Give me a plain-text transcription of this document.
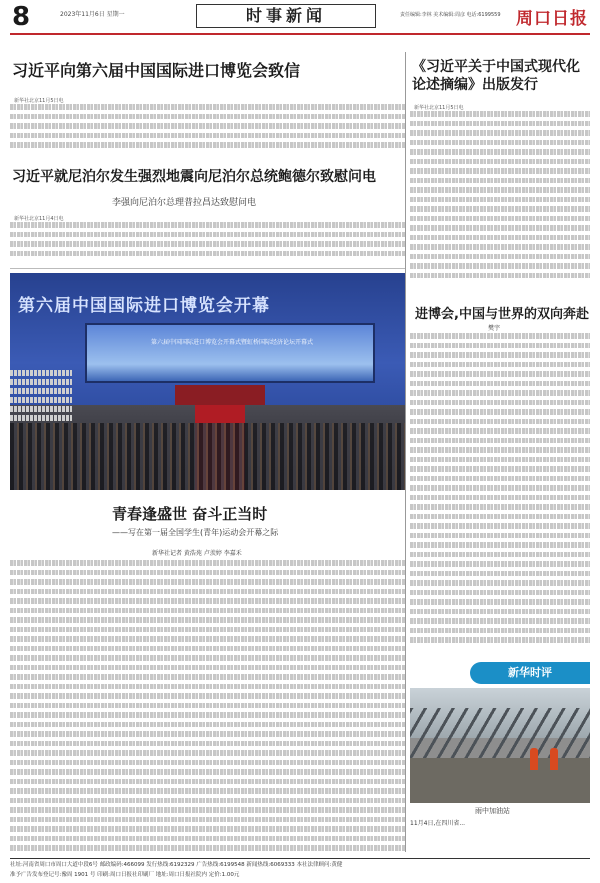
8	2023年11月6日 星期一	时事新闻	责任编辑:李林 美术编辑:周彦 电话:6199559 周口日报
习近平向第六届中国国际进口博览会致信
新华社北京11月5日电
习近平就尼泊尔发生强烈地震向尼泊尔总统鲍德尔致慰问电
李强向尼泊尔总理普拉昌达致慰问电
新华社北京11月4日电
第六届中国国际进口博览会开幕
第六届中国国际进口博览会开幕式暨虹桥国际经济论坛开幕式
青春逢盛世 奋斗正当时
——写在第一届全国学生(青年)运动会开幕之际
新华社记者 黄浩苑 卢羡婷 李嘉禾
《习近平关于中国式现代化论述摘编》出版发行
新华社北京11月5日电
进博会,中国与世界的双向奔赴
樊宇
新华时评
雨中加油站
11月4日,在四川省...
社址:河南省周口市周口大道中段6号 邮政编码:466099 发行热线:6192329 广告热线:6199548 新闻热线:6069333 本社法律顾问:黄健
准予广告发布登记号:豫周 1901 号 印刷:周口日报社印刷厂 地址:周口日报社院内 定价:1.00元
